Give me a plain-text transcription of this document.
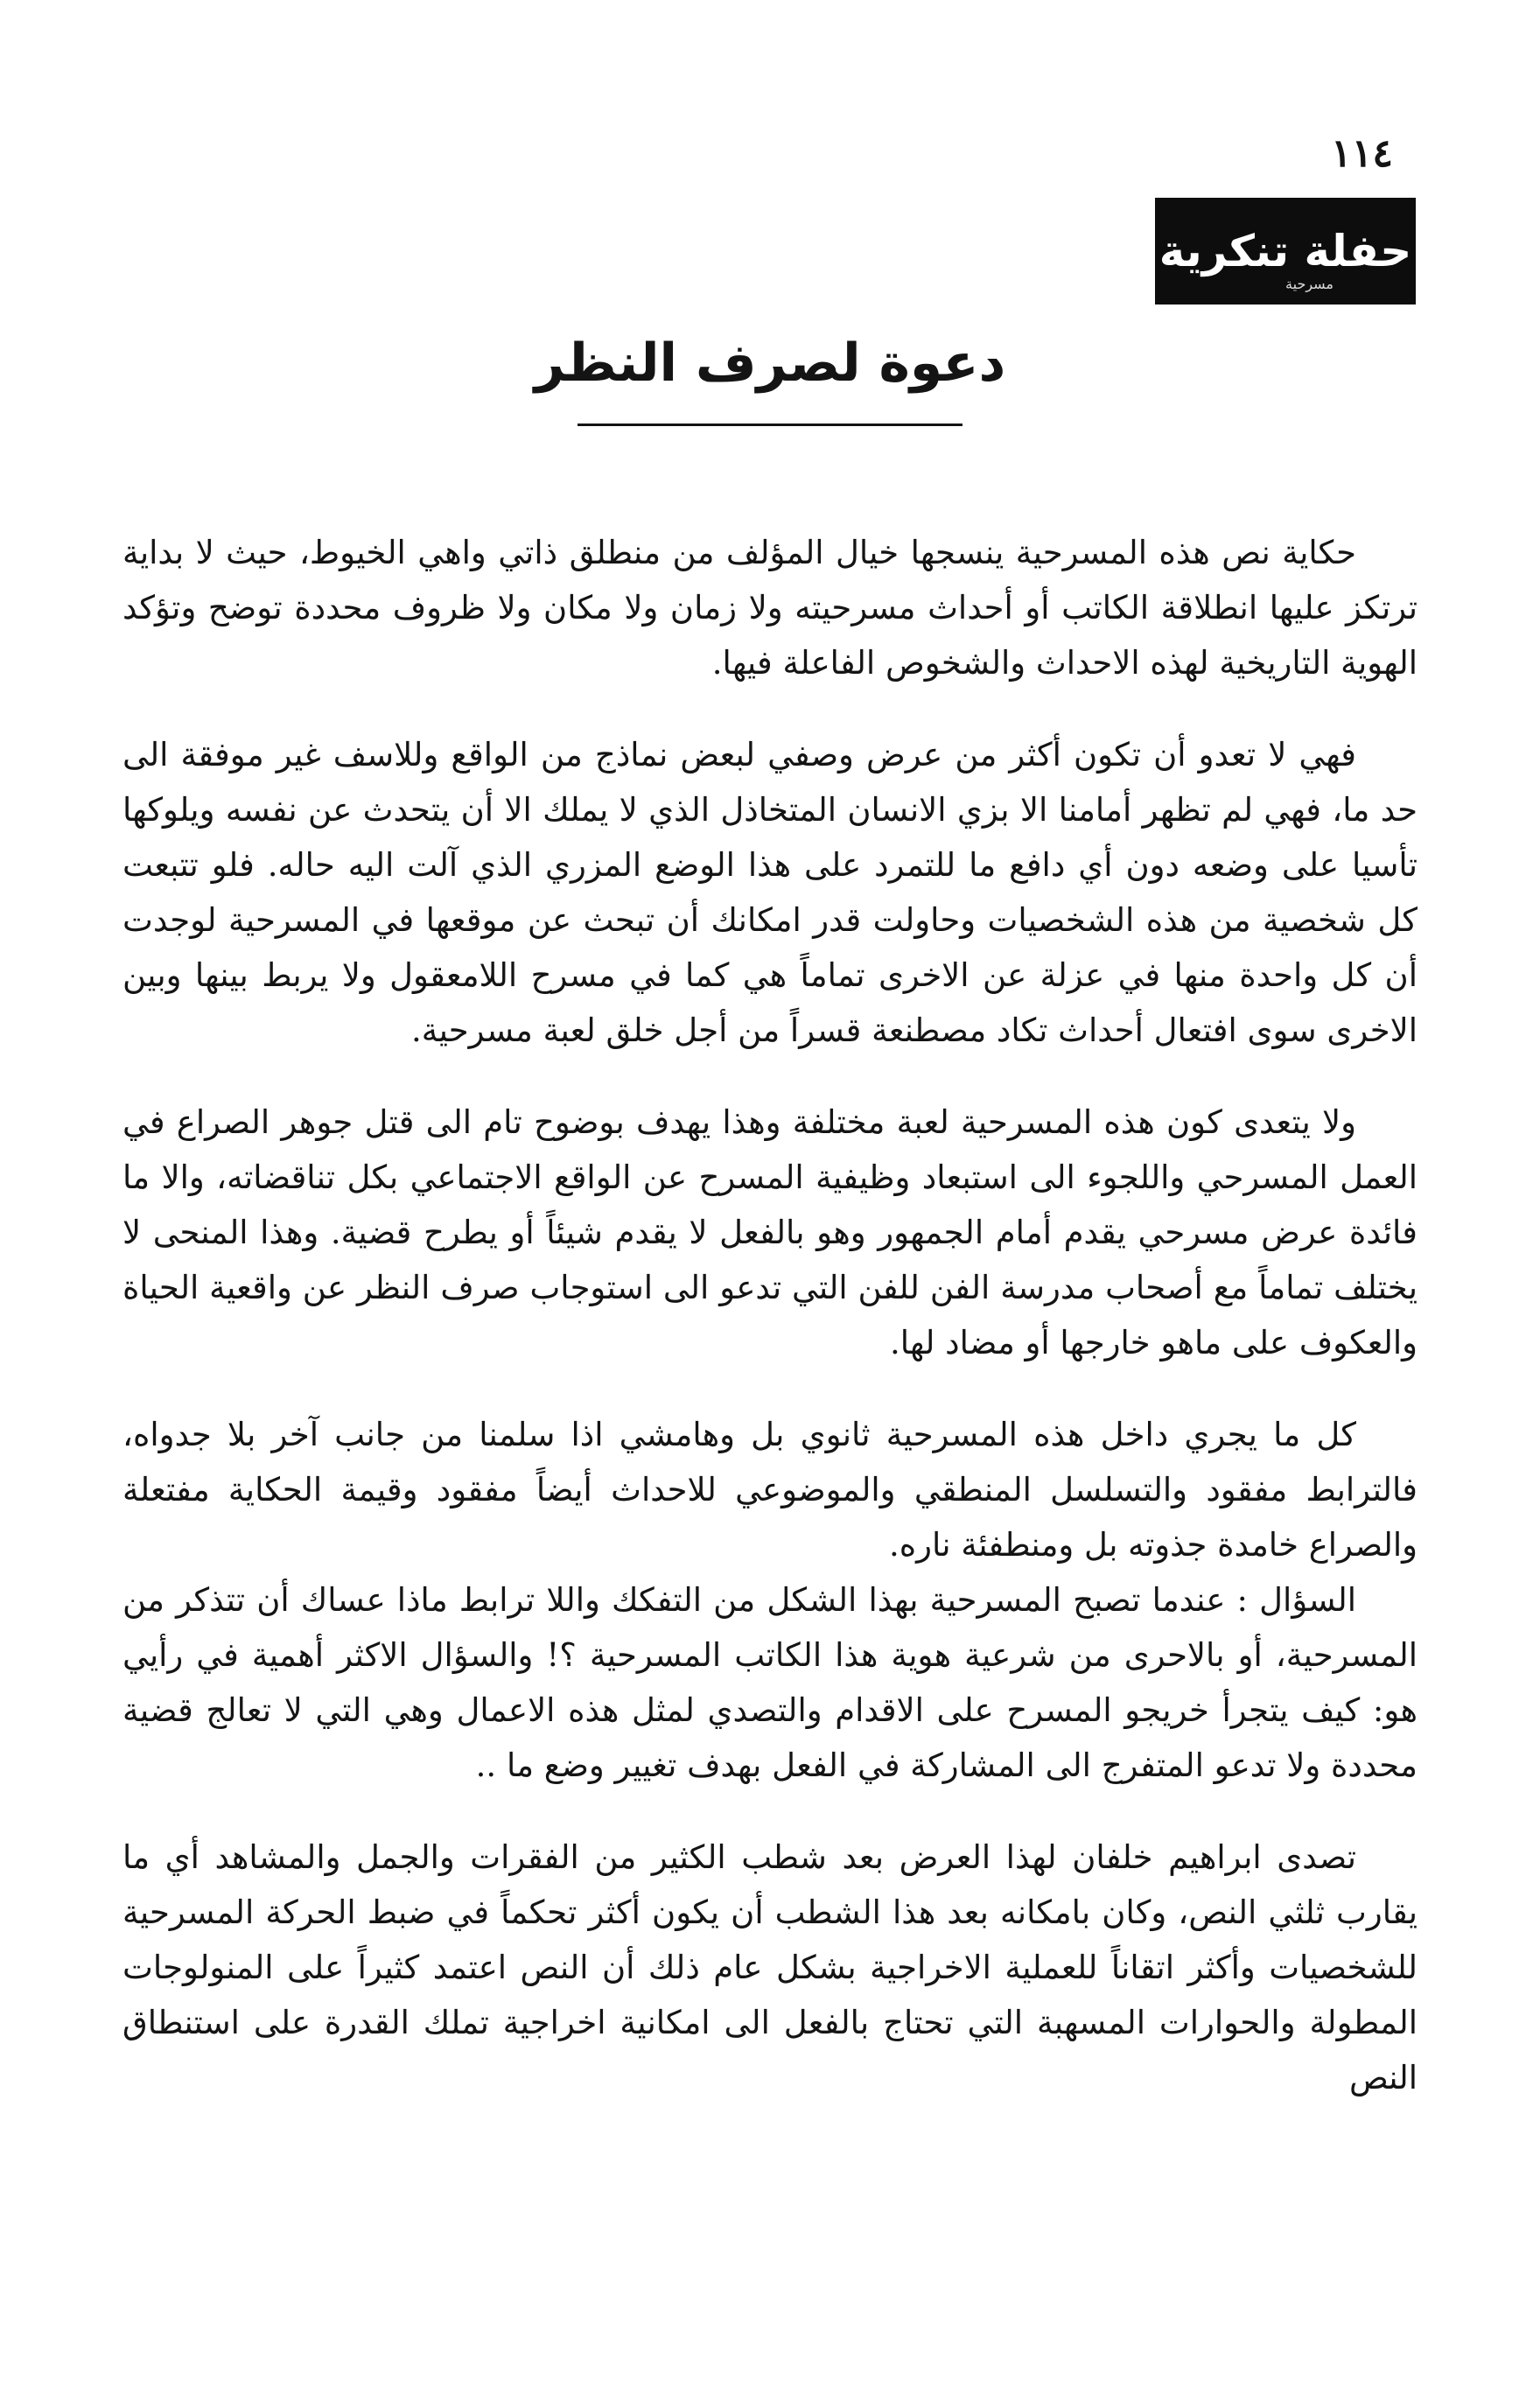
١١٤
حفلة تنكرية
مسرحية
دعوة لصرف النظر

حكاية نص هذه المسرحية ينسجها خيال المؤلف من منطلق ذاتي واهي الخيوط، حيث لا بداية ترتكز عليها انطلاقة الكاتب أو أحداث مسرحيته ولا زمان ولا مكان ولا ظروف محددة توضح وتؤكد الهوية التاريخية لهذه الاحداث والشخوص الفاعلة فيها.

فهي لا تعدو أن تكون أكثر من عرض وصفي لبعض نماذج من الواقع وللاسف غير موفقة الى حد ما، فهي لم تظهر أمامنا الا بزي الانسان المتخاذل الذي لا يملك الا أن يتحدث عن نفسه ويلوكها تأسيا على وضعه دون أي دافع ما للتمرد على هذا الوضع المزري الذي آلت اليه حاله. فلو تتبعت كل شخصية من هذه الشخصيات وحاولت قدر امكانك أن تبحث عن موقعها في المسرحية لوجدت أن كل واحدة منها في عزلة عن الاخرى تماماً هي كما في مسرح اللامعقول ولا يربط بينها وبين الاخرى سوى افتعال أحداث تكاد مصطنعة قسراً من أجل خلق لعبة مسرحية.

ولا يتعدى كون هذه المسرحية لعبة مختلفة وهذا يهدف بوضوح تام الى قتل جوهر الصراع في العمل المسرحي واللجوء الى استبعاد وظيفية المسرح عن الواقع الاجتماعي بكل تناقضاته، والا ما فائدة عرض مسرحي يقدم أمام الجمهور وهو بالفعل لا يقدم شيئاً أو يطرح قضية. وهذا المنحى لا يختلف تماماً مع أصحاب مدرسة الفن للفن التي تدعو الى استوجاب صرف النظر عن واقعية الحياة والعكوف على ماهو خارجها أو مضاد لها.

كل ما يجري داخل هذه المسرحية ثانوي بل وهامشي اذا سلمنا من جانب آخر بلا جدواه، فالترابط مفقود والتسلسل المنطقي والموضوعي للاحداث أيضاً مفقود وقيمة الحكاية مفتعلة والصراع خامدة جذوته بل ومنطفئة ناره.

السؤال : عندما تصبح المسرحية بهذا الشكل من التفكك واللا ترابط ماذا عساك أن تتذكر من المسرحية، أو بالاحرى من شرعية هوية هذا الكاتب المسرحية ؟! والسؤال الاكثر أهمية في رأيي هو: كيف يتجرأ خريجو المسرح على الاقدام والتصدي لمثل هذه الاعمال وهي التي لا تعالج قضية محددة ولا تدعو المتفرج الى المشاركة في الفعل بهدف تغيير وضع ما ..

تصدى ابراهيم خلفان لهذا العرض بعد شطب الكثير من الفقرات والجمل والمشاهد أي ما يقارب ثلثي النص، وكان بامكانه بعد هذا الشطب أن يكون أكثر تحكماً في ضبط الحركة المسرحية للشخصيات وأكثر اتقاناً للعملية الاخراجية بشكل عام ذلك أن النص اعتمد كثيراً على المنولوجات المطولة والحوارات المسهبة التي تحتاج بالفعل الى امكانية اخراجية تملك القدرة على استنطاق النص
